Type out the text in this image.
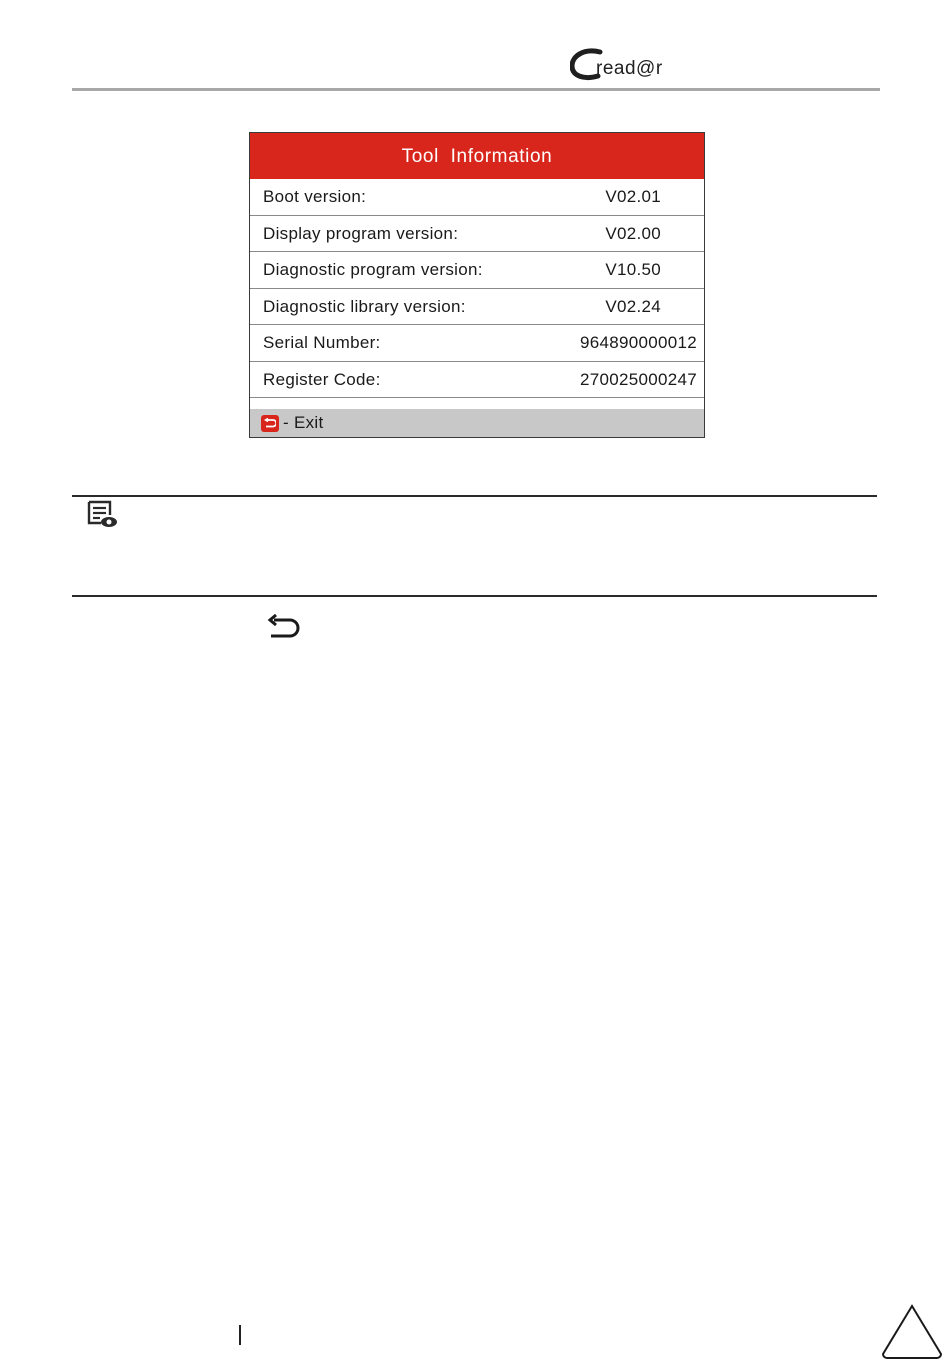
read@r
Tool  Information
Boot version:	V02.01
Display program version:	V02.00
Diagnostic program version:	V10.50
Diagnostic library version:	V02.24
Serial Number:	964890000012
Register Code:	270025000247
- Exit
